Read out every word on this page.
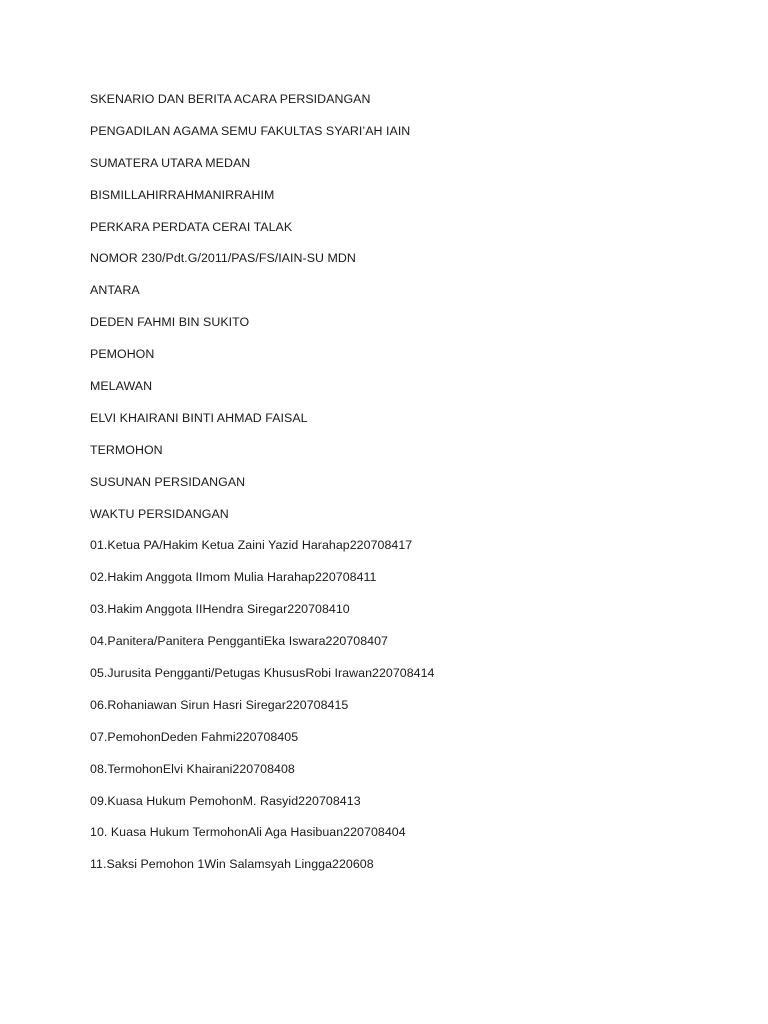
SKENARIO DAN BERITA ACARA PERSIDANGAN
PENGADILAN AGAMA SEMU FAKULTAS SYARI’AH IAIN
SUMATERA UTARA MEDAN
BISMILLAHIRRAHMANIRRAHIM
PERKARA PERDATA CERAI TALAK
NOMOR 230/Pdt.G/2011/PAS/FS/IAIN-SU MDN
ANTARA
DEDEN FAHMI BIN SUKITO
PEMOHON
MELAWAN
ELVI KHAIRANI BINTI AHMAD FAISAL
TERMOHON
SUSUNAN PERSIDANGAN
WAKTU PERSIDANGAN
01.Ketua PA/Hakim Ketua Zaini Yazid Harahap220708417
02.Hakim Anggota IImom Mulia Harahap220708411
03.Hakim Anggota IIHendra Siregar220708410
04.Panitera/Panitera PenggantiEka Iswara220708407
05.Jurusita Pengganti/Petugas KhususRobi Irawan220708414
06.Rohaniawan Sirun Hasri Siregar220708415
07.PemohonDeden Fahmi220708405
08.TermohonElvi Khairani220708408
09.Kuasa Hukum PemohonM. Rasyid220708413
10. Kuasa Hukum TermohonAli Aga Hasibuan220708404
11.Saksi Pemohon 1Win Salamsyah Lingga220608
